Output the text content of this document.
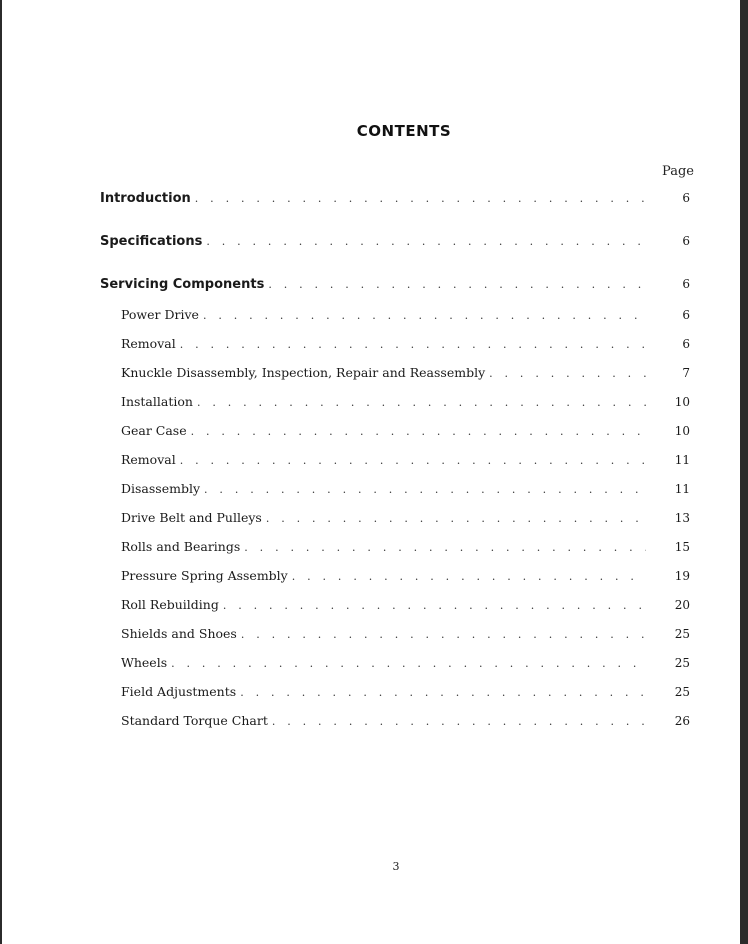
CONTENTS
Page
Introduction . . .	6
Specifications . . .	6
Servicing Components . . .	6
Power Drive . . .	6
Removal . . .	6
Knuckle Disassembly, Inspection, Repair and Reassembly . . .	7
Installation . . .	10
Gear Case . . .	10
Removal . . .	11
Disassembly . . .	11
Drive Belt and Pulleys . . .	13
Rolls and Bearings . . .	15
Pressure Spring Assembly . . .	19
Roll Rebuilding . . .	20
Shields and Shoes . . .	25
Wheels . . .	25
Field Adjustments . . .	25
Standard Torque Chart . . .	26
3
